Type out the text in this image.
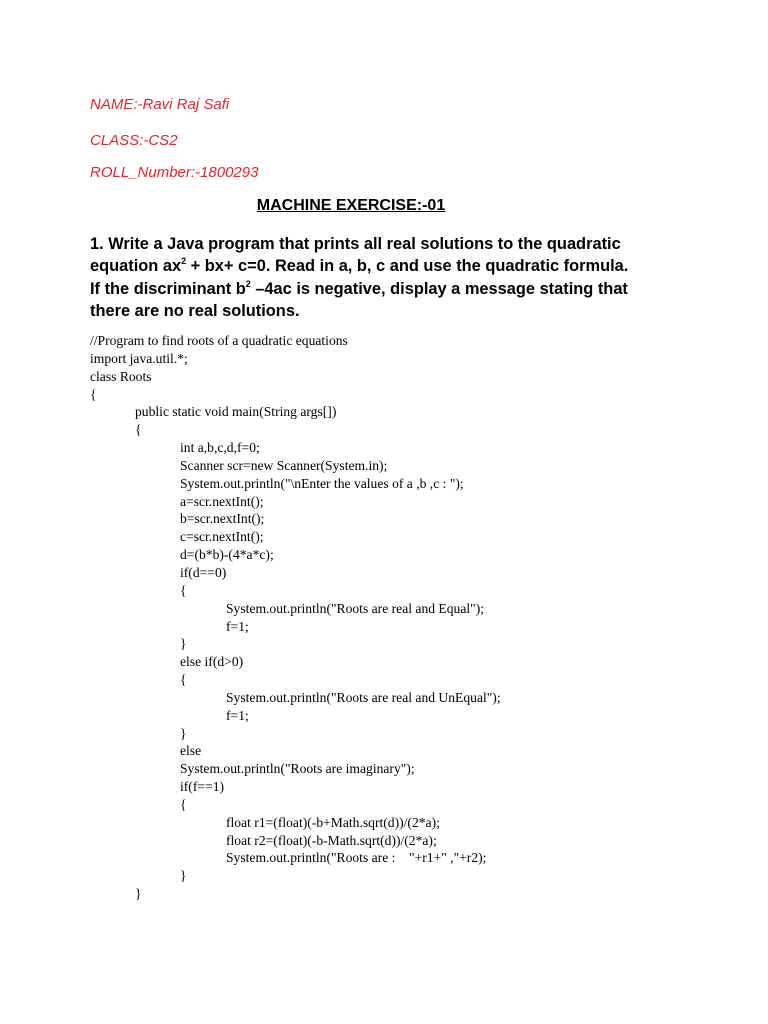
NAME:-Ravi Raj Safi
CLASS:-CS2
ROLL_Number:-1800293
MACHINE EXERCISE:-01
1. Write a Java program that prints all real solutions to the quadratic
equation $ax^2 + bx+ c=0$. Read in a, b, c and use the quadratic formula.
If the discriminant $b^2$ –4ac is negative, display a message stating that
there are no real solutions.
//Program to find roots of a quadratic equations
import java.util.*;
class Roots
{
public static void main(String args[])
{
int a,b,c,d,f=0;
Scanner scr=new Scanner(System.in);
System.out.println("\nEnter the values of a ,b ,c : ");
a=scr.nextInt();
b=scr.nextInt();
c=scr.nextInt();
d=(b*b)-(4*a*c);
if(d==0)
{
System.out.println("Roots are real and Equal");
f=1;
}
else if(d>0)
{
System.out.println("Roots are real and UnEqual");
f=1;
}
else
System.out.println("Roots are imaginary");
if(f==1)
{
float r1=(float)(-b+Math.sqrt(d))/(2*a);
float r2=(float)(-b-Math.sqrt(d))/(2*a);
System.out.println("Roots are :    "+r1+" ,"+r2);
}
}
